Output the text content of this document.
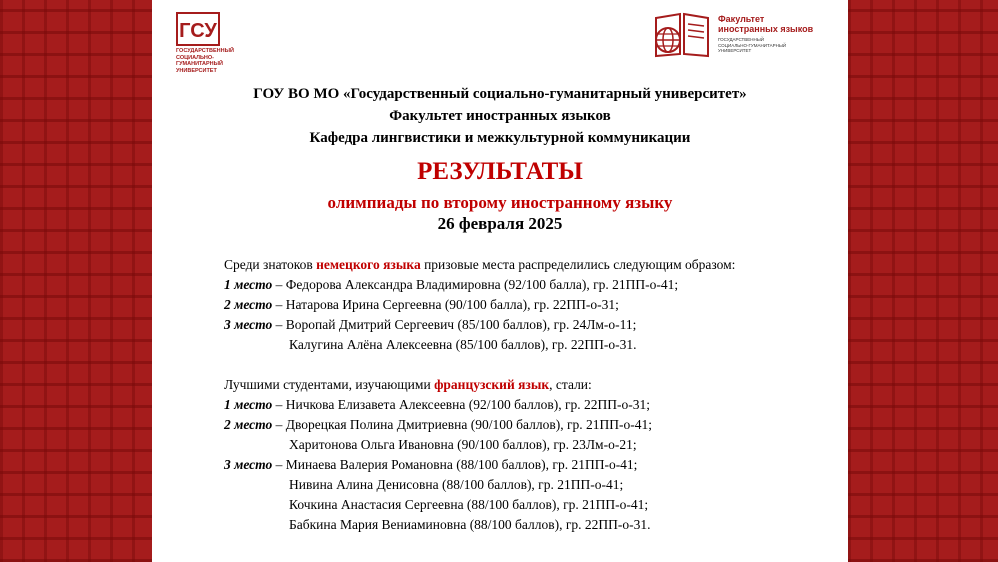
ГСУ
ГОСУДАРСТВЕННЫЙ
СОЦИАЛЬНО-
ГУМАНИТАРНЫЙ
УНИВЕРСИТЕТ
Факультет
иностранных языков
ГОСУДАРСТВЕННЫЙ
СОЦИАЛЬНО-ГУМАНИТАРНЫЙ
УНИВЕРСИТЕТ
ГОУ ВО МО «Государственный социально-гуманитарный университет»
Факультет иностранных языков
Кафедра лингвистики и межкультурной коммуникации
РЕЗУЛЬТАТЫ
олимпиады по второму иностранному языку
26 февраля 2025
Среди знатоков немецкого языка призовые места распределились следующим образом:
1 место – Федорова Александра Владимировна (92/100 балла), гр. 21ПП-о-41;
2 место – Натарова Ирина Сергеевна (90/100 балла), гр. 22ПП-о-31;
3 место – Воропай Дмитрий Сергеевич (85/100 баллов), гр. 24Лм-о-11;
Калугина Алёна Алексеевна (85/100 баллов), гр. 22ПП-о-31.
Лучшими студентами, изучающими французский язык, стали:
1 место – Ничкова Елизавета Алексеевна (92/100 баллов), гр. 22ПП-о-31;
2 место – Дворецкая Полина Дмитриевна (90/100 баллов), гр. 21ПП-о-41;
Харитонова Ольга Ивановна (90/100 баллов), гр. 23Лм-о-21;
3 место – Минаева Валерия Романовна (88/100 баллов), гр. 21ПП-о-41;
Нивина Алина Денисовна (88/100 баллов), гр. 21ПП-о-41;
Кочкина Анастасия Сергеевна (88/100 баллов), гр. 21ПП-о-41;
Бабкина Мария Вениаминовна (88/100 баллов), гр. 22ПП-о-31.
